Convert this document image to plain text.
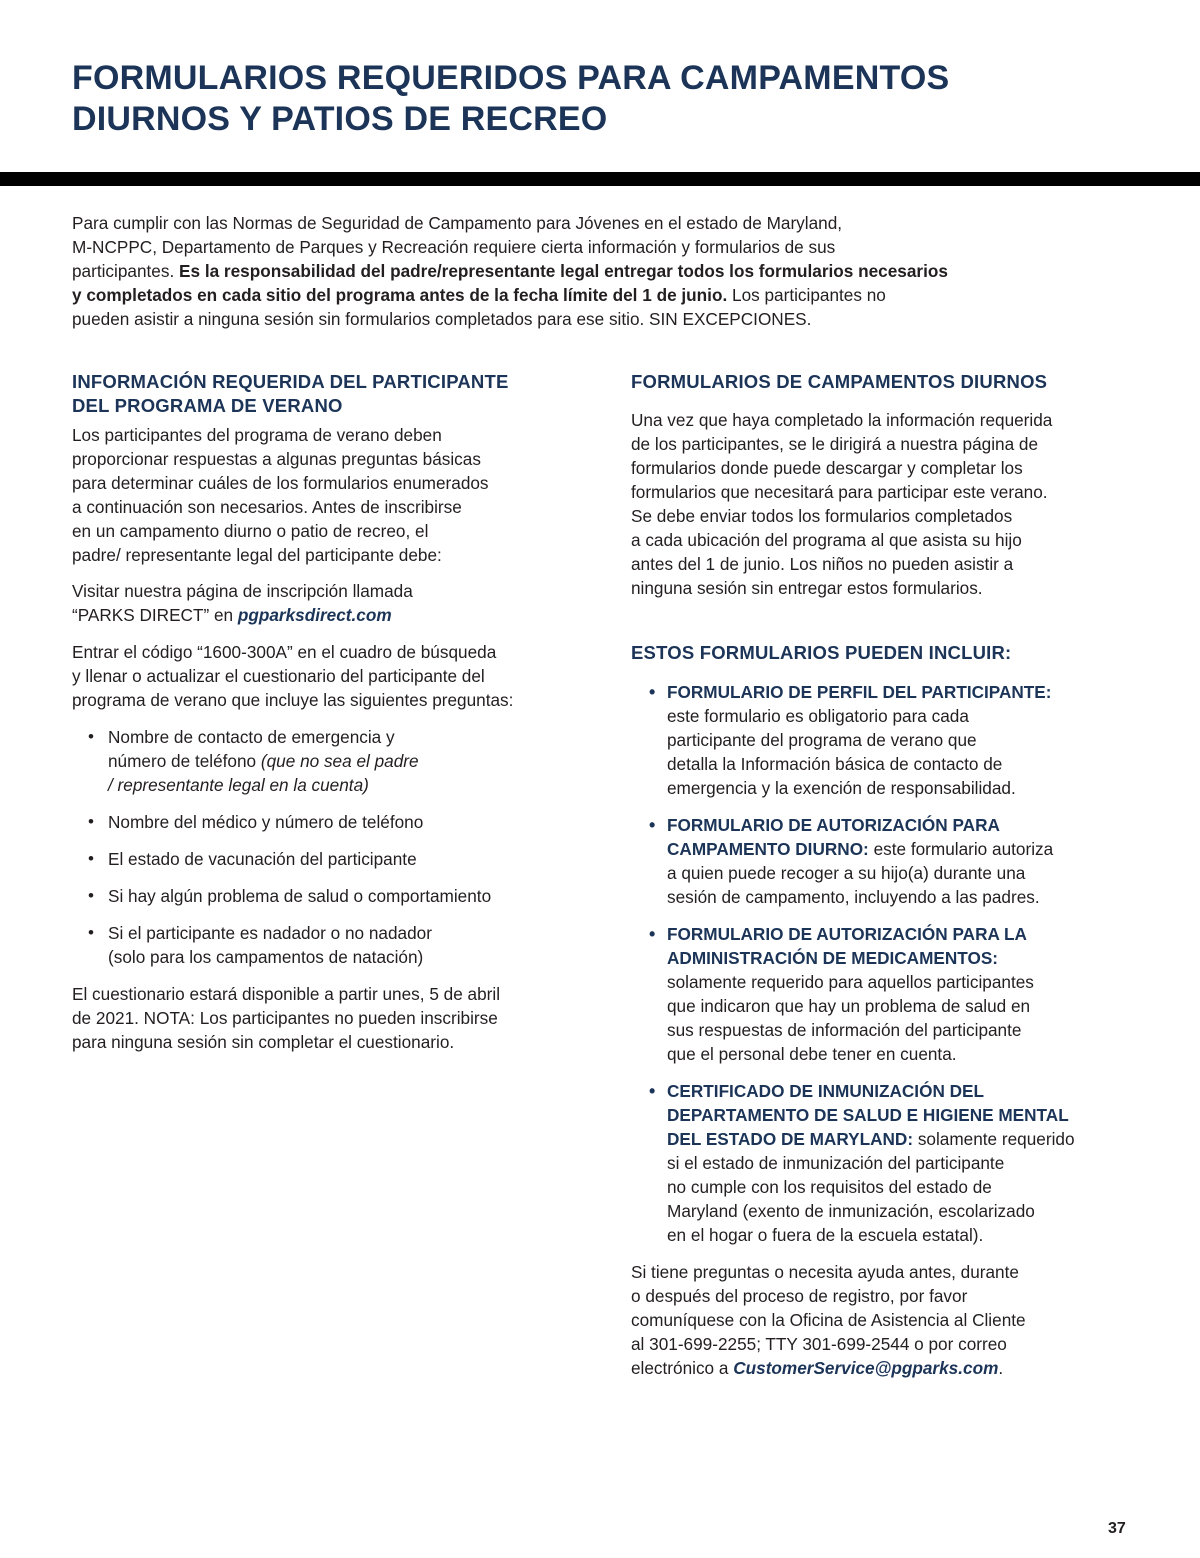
FORMULARIOS REQUERIDOS PARA CAMPAMENTOS
DIURNOS Y PATIOS DE RECREO

Para cumplir con las Normas de Seguridad de Campamento para Jóvenes en el estado de Maryland,
M-NCPPC, Departamento de Parques y Recreación requiere cierta información y formularios de sus
participantes. Es la responsabilidad del padre/representante legal entregar todos los formularios necesarios
y completados en cada sitio del programa antes de la fecha límite del 1 de junio. Los participantes no
pueden asistir a ninguna sesión sin formularios completados para ese sitio. SIN EXCEPCIONES.

INFORMACIÓN REQUERIDA DEL PARTICIPANTE
DEL PROGRAMA DE VERANO

Los participantes del programa de verano deben
proporcionar respuestas a algunas preguntas básicas
para determinar cuáles de los formularios enumerados
a continuación son necesarios. Antes de inscribirse
en un campamento diurno o patio de recreo, el
padre/ representante legal del participante debe:

Visitar nuestra página de inscripción llamada
“PARKS DIRECT” en pgparksdirect.com

Entrar el código “1600-300A” en el cuadro de búsqueda
y llenar o actualizar el cuestionario del participante del
programa de verano que incluye las siguientes preguntas:

• Nombre de contacto de emergencia y
número de teléfono (que no sea el padre
/ representante legal en la cuenta)
• Nombre del médico y número de teléfono
• El estado de vacunación del participante
• Si hay algún problema de salud o comportamiento
• Si el participante es nadador o no nadador
(solo para los campamentos de natación)

El cuestionario estará disponible a partir unes, 5 de abril
de 2021. NOTA: Los participantes no pueden inscribirse
para ninguna sesión sin completar el cuestionario.

FORMULARIOS DE CAMPAMENTOS DIURNOS

Una vez que haya completado la información requerida
de los participantes, se le dirigirá a nuestra página de
formularios donde puede descargar y completar los
formularios que necesitará para participar este verano.
Se debe enviar todos los formularios completados
a cada ubicación del programa al que asista su hijo
antes del 1 de junio. Los niños no pueden asistir a
ninguna sesión sin entregar estos formularios.

ESTOS FORMULARIOS PUEDEN INCLUIR:
• FORMULARIO DE PERFIL DEL PARTICIPANTE:
este formulario es obligatorio para cada
participante del programa de verano que
detalla la Información básica de contacto de
emergencia y la exención de responsabilidad.
• FORMULARIO DE AUTORIZACIÓN PARA
CAMPAMENTO DIURNO: este formulario autoriza
a quien puede recoger a su hijo(a) durante una
sesión de campamento, incluyendo a las padres.
• FORMULARIO DE AUTORIZACIÓN PARA LA
ADMINISTRACIÓN DE MEDICAMENTOS:
solamente requerido para aquellos participantes
que indicaron que hay un problema de salud en
sus respuestas de información del participante
que el personal debe tener en cuenta.
• CERTIFICADO DE INMUNIZACIÓN DEL
DEPARTAMENTO DE SALUD E HIGIENE MENTAL
DEL ESTADO DE MARYLAND: solamente requerido
si el estado de inmunización del participante
no cumple con los requisitos del estado de
Maryland (exento de inmunización, escolarizado
en el hogar o fuera de la escuela estatal).

Si tiene preguntas o necesita ayuda antes, durante
o después del proceso de registro, por favor
comuníquese con la Oficina de Asistencia al Cliente
al 301-699-2255; TTY 301-699-2544 o por correo
electrónico a CustomerService@pgparks.com.

37
